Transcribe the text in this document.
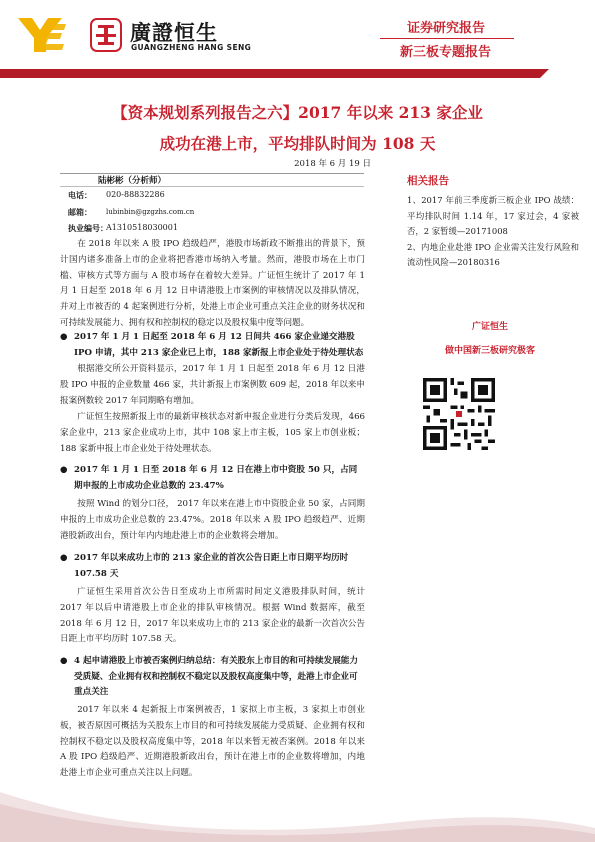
廣證恒生
GUANGZHENG HANG SENG
证券研究报告
新三板专题报告
【资本规划系列报告之六】2017 年以来 213 家企业
成功在港上市，平均排队时间为 108 天
2018 年 6 月 19 日
陆彬彬（分析师）
电话： 020-88832286
邮箱： lubinbin@gzgzhs.com.cn
执业编号：
A1310518030001

在 2018 年以来 A 股 IPO 趋级趋严，港股市场新政不断推出的背景下，预计国内诸多准备上市的企业将把香港市场纳入考量。然而，港股市场在上市门槛、审核方式等方面与 A 股市场存在着较大差异。广证恒生统计了 2017 年 1 月 1 日起至 2018 年 6 月 12 日申请港股上市案例的审核情况以及排队情况，并对上市被否的 4 起案例进行分析，处港上市企业可重点关注企业的财务状况和可持续发展能力、拥有权和控制权的稳定以及股权集中度等问题。

● 2017 年 1 月 1 日起至 2018 年 6 月 12 日间共 466 家企业递交港股 IPO 申请，其中 213 家企业已上市，188 家新报上市企业处于待处理状态

根据港交所公开资料显示，2017 年 1 月 1 日起至 2018 年 6 月 12 日港股 IPO 申报的企业数量 466 家，共计新报上市案例数 609 起，2018 年以来申报案例数较 2017 年同期略有增加。

广证恒生按照新报上市的最新审核状态对新申报企业进行分类后发现，466 家企业中，213 家企业成功上市，其中 108 家上市主板，105 家上市创业板；188 家新申报上市企业处于待处理状态。

● 2017 年 1 月 1 日至 2018 年 6 月 12 日在港上市中资股 50 只，占同期申报的上市成功企业总数的 23.47%

按照 Wind 的划分口径， 2017 年以来在港上市中资股企业 50 家，占同期申报的上市成功企业总数的 23.47%。2018 年以来 A 股 IPO 趋级趋严、近期港股新政出台，预计年内内地赴港上市的企业数将会增加。

● 2017 年以来成功上市的 213 家企业的首次公告日距上市日期平均历时 107.58 天

广证恒生采用首次公告日至成功上市所需时间定义港股排队时间，统计 2017 年以后申请港股上市企业的排队审核情况。根据 Wind 数据库，截至 2018 年 6 月 12 日，2017 年以来成功上市的 213 家企业的最新一次首次公告日距上市平均历时 107.58 天。

● 4 起申请港股上市被否案例归纳总结：有关股东上市目的和可持续发展能力受质疑、企业拥有权和控制权不稳定以及股权高度集中等，赴港上市企业可重点关注

2017 年以来 4 起新报上市案例被否，1 家拟上市主板，3 家拟上市创业板，被否原因可概括为关股东上市目的和可持续发展能力受质疑、企业拥有权和控制权不稳定以及股权高度集中等，2018 年以来暂无被否案例。2018 年以来 A 股 IPO 趋级趋严、近期港股新政出台，预计在港上市的企业数将增加，内地赴港上市企业可重点关注以上问题。

相关报告

1、2017 年前三季度新三板企业 IPO 战绩：平均排队时间 1.14 年，17 家过会，4 家被否，2 家暂缓—20171008

2、内地企业赴港 IPO 企业需关注发行风险和流动性风险—20180316

广证恒生
做中国新三板研究极客
